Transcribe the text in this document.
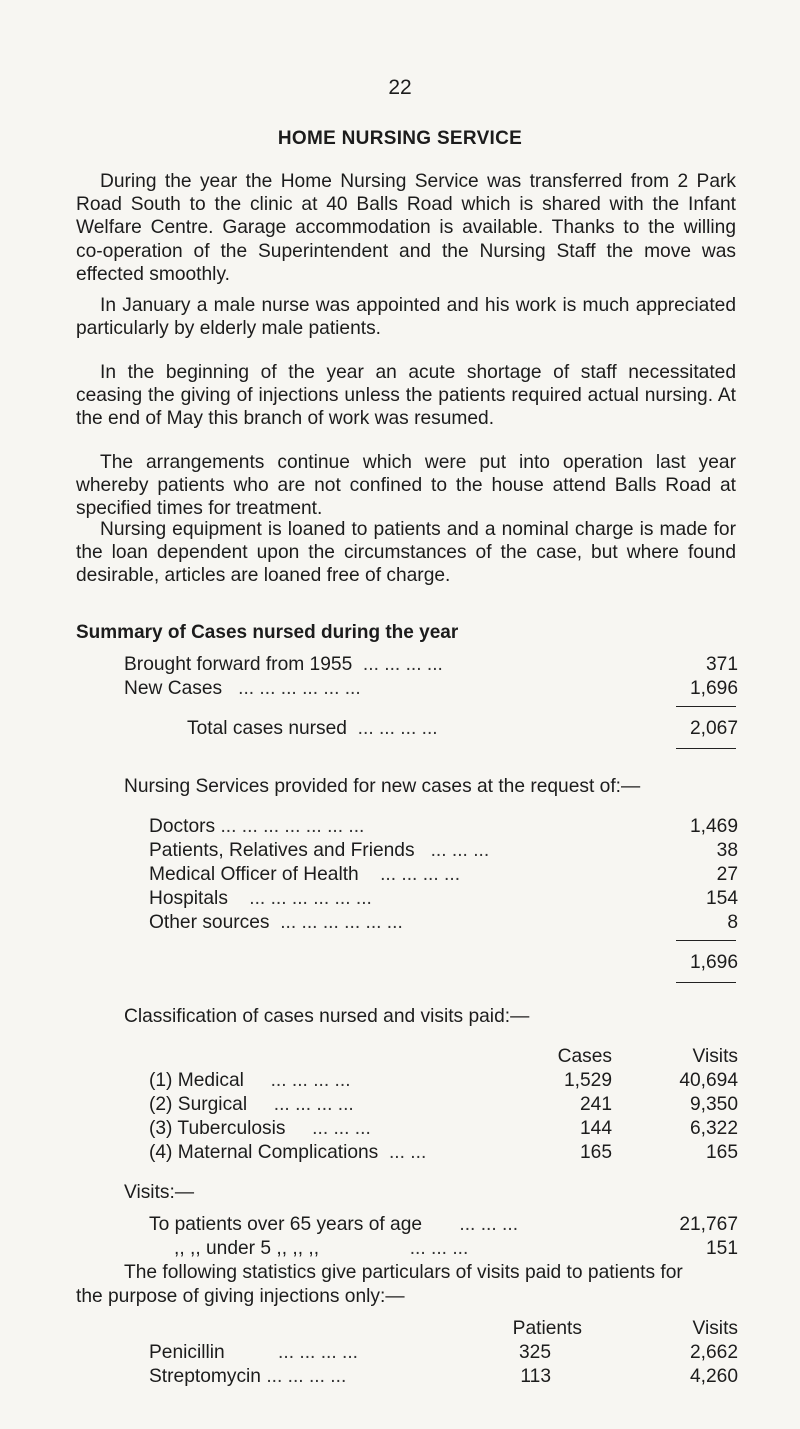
22
HOME NURSING SERVICE

During the year the Home Nursing Service was transferred from 2 Park Road South to the clinic at 40 Balls Road which is shared with the Infant Welfare Centre. Garage accommodation is available. Thanks to the willing co-operation of the Superintendent and the Nursing Staff the move was effected smoothly.

In January a male nurse was appointed and his work is much appreciated particularly by elderly male patients.

In the beginning of the year an acute shortage of staff necessitated ceasing the giving of injections unless the patients required actual nursing. At the end of May this branch of work was resumed.

The arrangements continue which were put into operation last year whereby patients who are not confined to the house attend Balls Road at specified times for treatment.

Nursing equipment is loaned to patients and a nominal charge is made for the loan dependent upon the circumstances of the case, but where found desirable, articles are loaned free of charge.

Summary of Cases nursed during the year
Brought forward from 1955 ... ... ... ...	371
New Cases ... ... ... ... ... ...	1,696
Total cases nursed ... ... ... ...	2,067
Nursing Services provided for new cases at the request of:—
Doctors ... ... ... ... ... ... ...	1,469
Patients, Relatives and Friends ... ... ...	38
Medical Officer of Health ... ... ... ...	27
Hospitals ... ... ... ... ... ...	154
Other sources ... ... ... ... ... ...	8
1,696
Classification of cases nursed and visits paid:—
Cases	Visits
(1) Medical ... ... ... ...	1,529	40,694
(2) Surgical ... ... ... ...	241	9,350
(3) Tuberculosis ... ... ...	144	6,322
(4) Maternal Complications ... ...	165	165
Visits:—
To patients over 65 years of age ... ... ...	21,767
,, ,, under 5 ,, ,, ,,	... ... ...	151
The following statistics give particulars of visits paid to patients for
the purpose of giving injections only:—
Patients	Visits
Penicillin	... ... ... ...	325	2,662
Streptomycin ... ... ... ...	113	4,260
